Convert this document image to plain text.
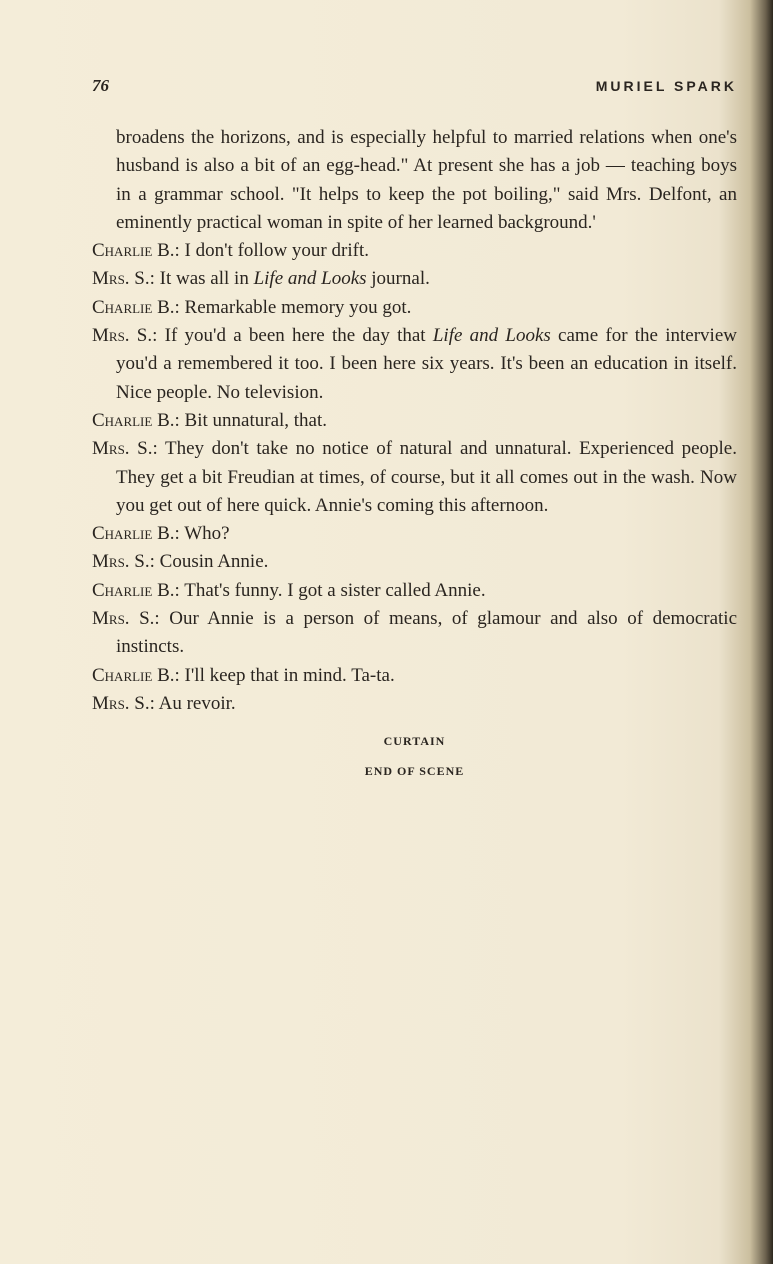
76	MURIEL SPARK

broadens the horizons, and is especially helpful to married relations when one's husband is also a bit of an egg-head." At present she has a job — teaching boys in a grammar school. "It helps to keep the pot boiling," said Mrs. Delfont, an eminently practical woman in spite of her learned background.'

Charlie B.: I don't follow your drift.

Mrs. S.: It was all in Life and Looks journal.

Charlie B.: Remarkable memory you got.

Mrs. S.: If you'd a been here the day that Life and Looks came for the interview you'd a remembered it too. I been here six years. It's been an education in itself. Nice people. No television.

Charlie B.: Bit unnatural, that.

Mrs. S.: They don't take no notice of natural and unnatural. Experienced people. They get a bit Freudian at times, of course, but it all comes out in the wash. Now you get out of here quick. Annie's coming this afternoon.

Charlie B.: Who?

Mrs. S.: Cousin Annie.

Charlie B.: That's funny. I got a sister called Annie.

Mrs. S.: Our Annie is a person of means, of glamour and also of democratic instincts.

Charlie B.: I'll keep that in mind. Ta-ta.

Mrs. S.: Au revoir.

CURTAIN
END OF SCENE
